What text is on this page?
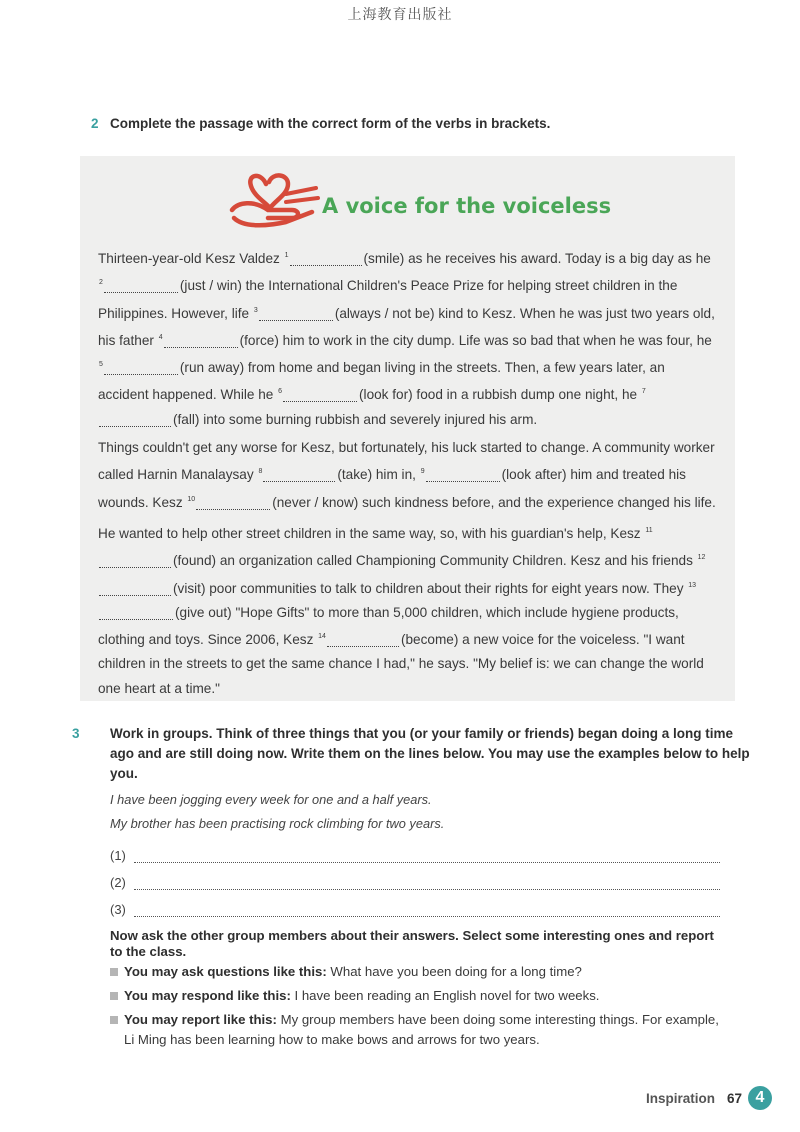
上海教育出版社
2 Complete the passage with the correct form of the verbs in brackets.
A voice for the voiceless

Thirteen-year-old Kesz Valdez $^1$	(smile) as he receives his award. Today is a big day as he $^2$	(just / win) the International Children's Peace Prize for helping street children in the Philippines. However, life $^3$	(always / not be) kind to Kesz. When he was just two years old, his father $^4$	(force) him to work in the city dump. Life was so bad that when he was four, he $^5$	(run away) from home and began living in the streets. Then, a few years later, an accident happened. While he $^6$	(look for) food in a rubbish dump one night, he $^7$(fall) into some burning rubbish and severely injured his arm.

Things couldn't get any worse for Kesz, but fortunately, his luck started to change. A community worker called Harnin Manalaysay $^8$	(take) him in, $^9$	(look after) him and treated his wounds. Kesz $^{10}$	(never / know) such kindness before, and the experience changed his life.

He wanted to help other street children in the same way, so, with his guardian's help, Kesz $^{11}$(found) an organization called Championing Community Children. Kesz and his friends $^{12}$(visit) poor communities to talk to children about their rights for eight years now. They $^{13}$(give out) "Hope Gifts" to more than 5,000 children, which include hygiene products, clothing and toys. Since 2006, Kesz $^{14}$	(become) a new voice for the voiceless. "I want children in the streets to get the same chance I had," he says. "My belief is: we can change the world one heart at a time."

3 Work in groups. Think of three things that you (or your family or friends) began doing a long time ago and are still doing now. Write them on the lines below. You may use the examples below to help you.
I have been jogging every week for one and a half years.
My brother has been practising rock climbing for two years.
(1)
(2)
(3)
Now ask the other group members about their answers. Select some interesting ones and report to the class.
You may ask questions like this: What have you been doing for a long time?
You may respond like this: I have been reading an English novel for two weeks.
You may report like this: My group members have been doing some interesting things. For example, Li Ming has been learning how to make bows and arrows for two years.
Inspiration 67 4
